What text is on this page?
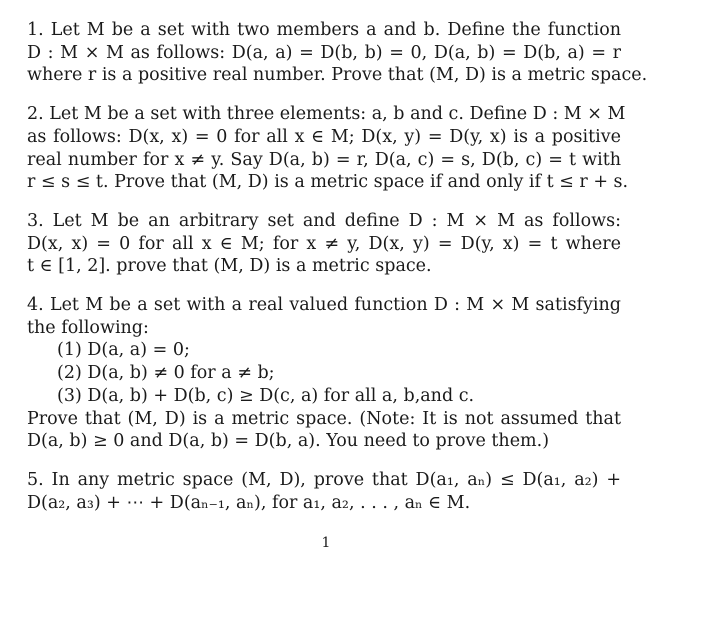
1. Let M be a set with two members a and b. Define the function
D : M × M as follows: D(a, a) = D(b, b) = 0, D(a, b) = D(b, a) = r
where r is a positive real number. Prove that (M, D) is a metric space.

2. Let M be a set with three elements: a, b and c. Define D : M × M
as follows: D(x, x) = 0 for all x ∈ M; D(x, y) = D(y, x) is a positive
real number for x ≠ y. Say D(a, b) = r, D(a, c) = s, D(b, c) = t with
r ≤ s ≤ t. Prove that (M, D) is a metric space if and only if t ≤ r + s.

3. Let M be an arbitrary set and define D : M × M as follows:
D(x, x) = 0 for all x ∈ M; for x ≠ y, D(x, y) = D(y, x) = t where
t ∈ [1, 2]. prove that (M, D) is a metric space.

4. Let M be a set with a real valued function D : M × M satisfying
the following:
(1) D(a, a) = 0;
(2) D(a, b) ≠ 0 for a ≠ b;
(3) D(a, b) + D(b, c) ≥ D(c, a) for all a, b,and c.
Prove that (M, D) is a metric space. (Note: It is not assumed that
D(a, b) ≥ 0 and D(a, b) = D(b, a). You need to prove them.)

5. In any metric space (M, D), prove that D(a₁, aₙ) ≤ D(a₁, a₂) +
D(a₂, a₃) + ⋯ + D(aₙ₋₁, aₙ), for a₁, a₂, . . . , aₙ ∈ M.

1
